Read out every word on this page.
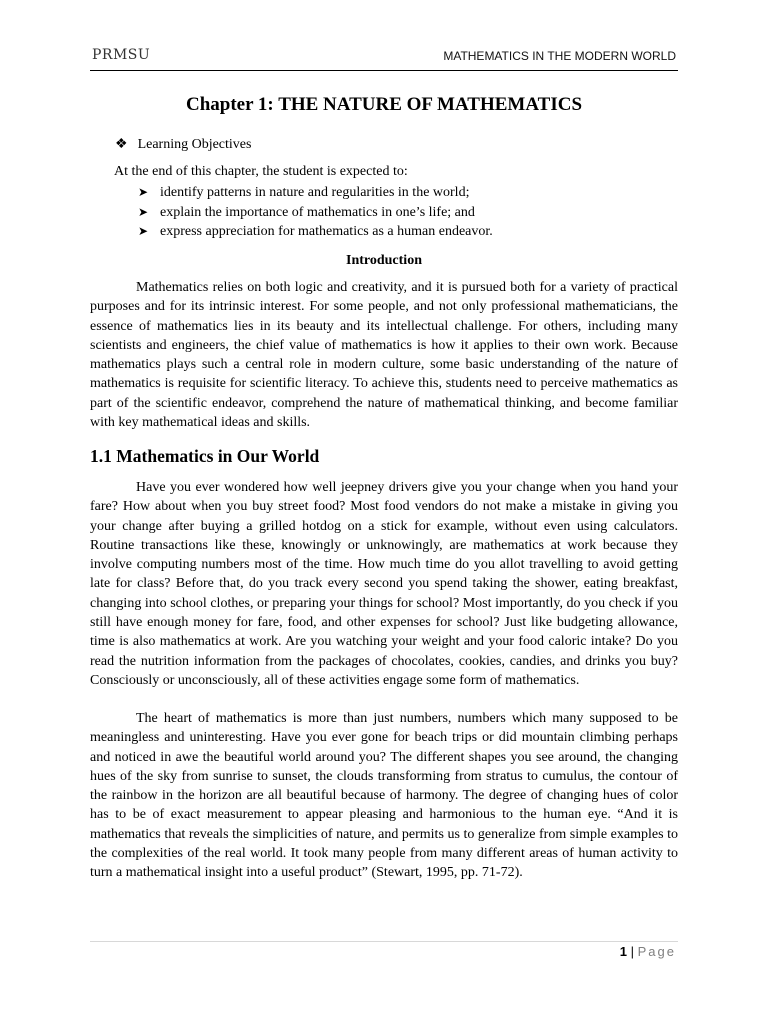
PRMSU	MATHEMATICS IN THE MODERN WORLD
Chapter 1: THE NATURE OF MATHEMATICS
❖ Learning Objectives
At the end of this chapter, the student is expected to:
➤ identify patterns in nature and regularities in the world;
➤ explain the importance of mathematics in one’s life; and
➤ express appreciation for mathematics as a human endeavor.
Introduction

Mathematics relies on both logic and creativity, and it is pursued both for a variety of practical purposes and for its intrinsic interest. For some people, and not only professional mathematicians, the essence of mathematics lies in its beauty and its intellectual challenge. For others, including many scientists and engineers, the chief value of mathematics is how it applies to their own work. Because mathematics plays such a central role in modern culture, some basic understanding of the nature of mathematics is requisite for scientific literacy. To achieve this, students need to perceive mathematics as part of the scientific endeavor, comprehend the nature of mathematical thinking, and become familiar with key mathematical ideas and skills.

1.1 Mathematics in Our World

Have you ever wondered how well jeepney drivers give you your change when you hand your fare? How about when you buy street food? Most food vendors do not make a mistake in giving you your change after buying a grilled hotdog on a stick for example, without even using calculators. Routine transactions like these, knowingly or unknowingly, are mathematics at work because they involve computing numbers most of the time. How much time do you allot travelling to avoid getting late for class? Before that, do you track every second you spend taking the shower, eating breakfast, changing into school clothes, or preparing your things for school? Most importantly, do you check if you still have enough money for fare, food, and other expenses for school? Just like budgeting allowance, time is also mathematics at work. Are you watching your weight and your food caloric intake? Do you read the nutrition information from the packages of chocolates, cookies, candies, and drinks you buy? Consciously or unconsciously, all of these activities engage some form of mathematics.

The heart of mathematics is more than just numbers, numbers which many supposed to be meaningless and uninteresting. Have you ever gone for beach trips or did mountain climbing perhaps and noticed in awe the beautiful world around you? The different shapes you see around, the changing hues of the sky from sunrise to sunset, the clouds transforming from stratus to cumulus, the contour of the rainbow in the horizon are all beautiful because of harmony. The degree of changing hues of color has to be of exact measurement to appear pleasing and harmonious to the human eye. “And it is mathematics that reveals the simplicities of nature, and permits us to generalize from simple examples to the complexities of the real world. It took many people from many different areas of human activity to turn a mathematical insight into a useful product” (Stewart, 1995, pp. 71-72).

1 | Page
